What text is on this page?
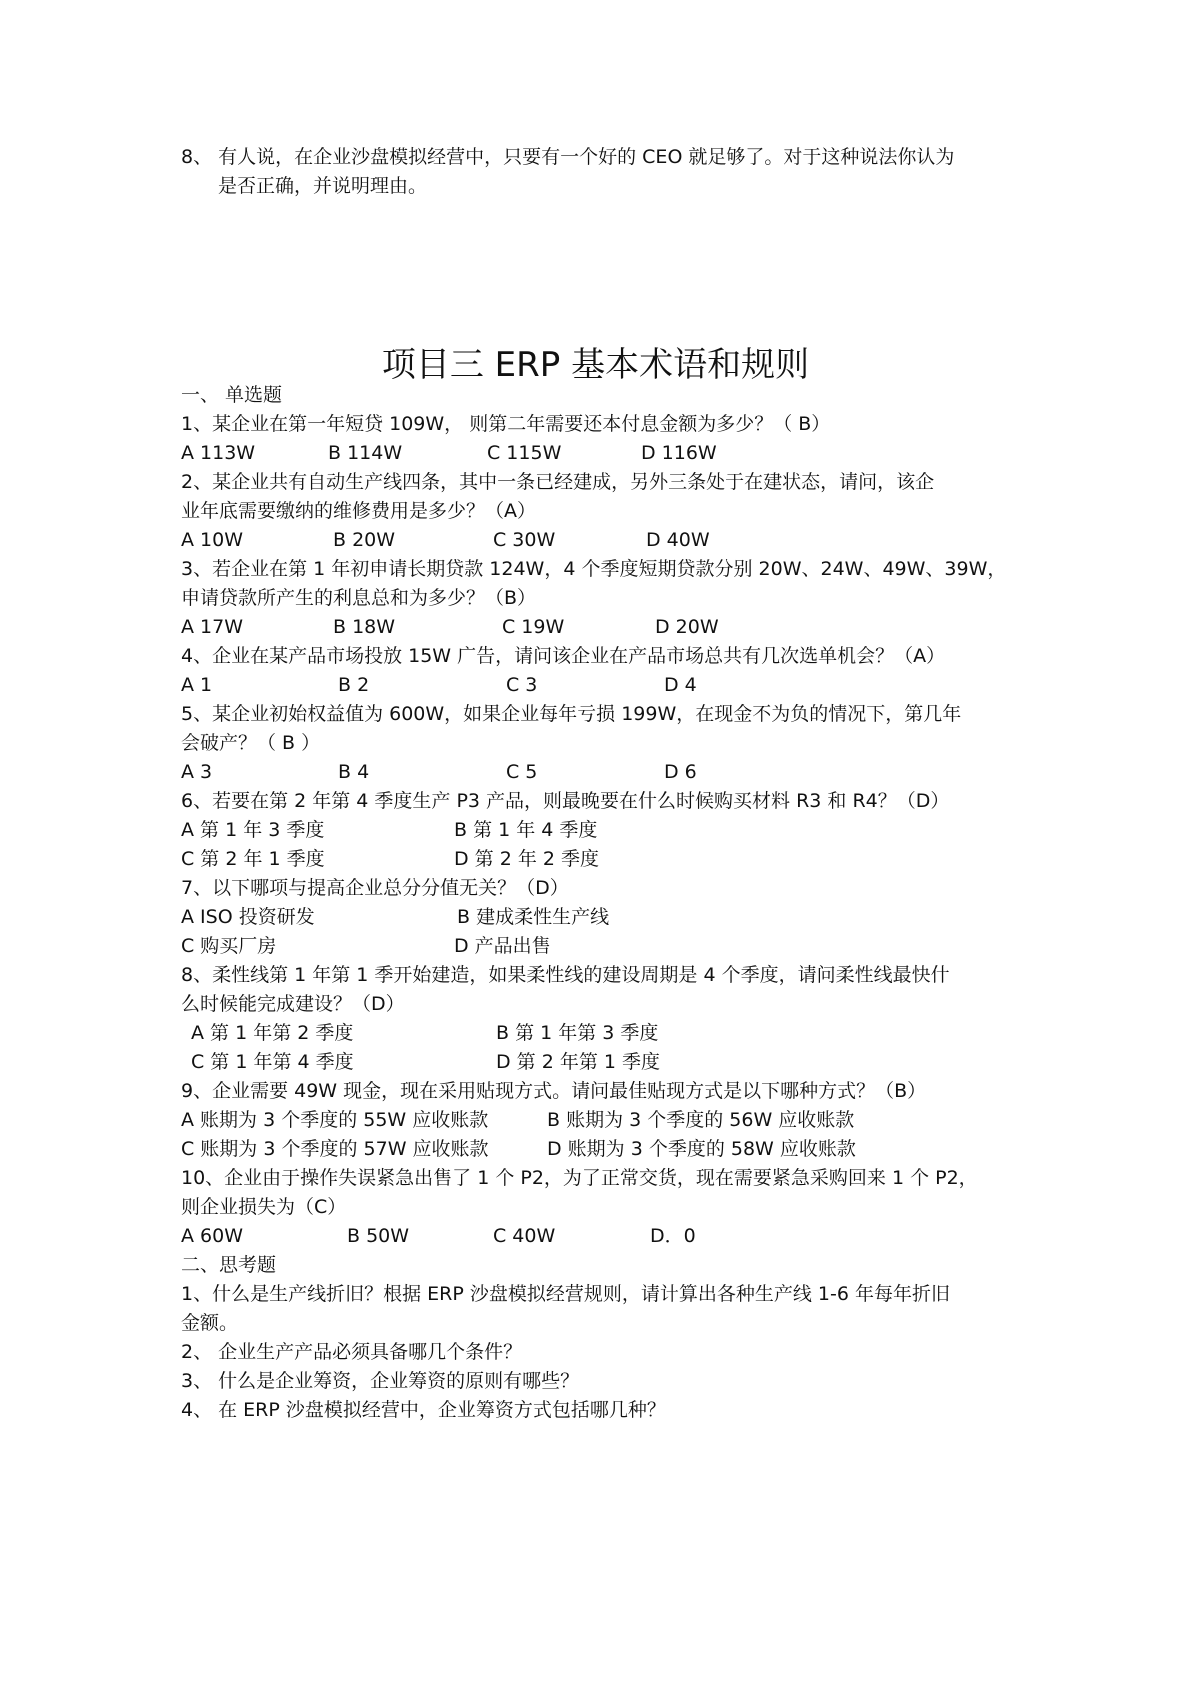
8、 有人说，在企业沙盘模拟经营中，只要有一个好的 CEO 就足够了。对于这种说法你认为
是否正确，并说明理由。
项目三 ERP 基本术语和规则
一、 单选题
1、某企业在第一年短贷 109W， 则第二年需要还本付息金额为多少？（ B）
A 113W	B 114W	C 115W	D 116W
2、某企业共有自动生产线四条，其中一条已经建成，另外三条处于在建状态，请问，该企
业年底需要缴纳的维修费用是多少？（A）
A 10W	B 20W	C 30W	D 40W
3、若企业在第 1 年初申请长期贷款 124W，4 个季度短期贷款分别 20W、24W、49W、39W，
申请贷款所产生的利息总和为多少？（B）
A 17W	B 18W	C 19W	D 20W
4、企业在某产品市场投放 15W 广告，请问该企业在产品市场总共有几次选单机会？（A）
A 1	B 2	C 3	D 4
5、某企业初始权益值为 600W，如果企业每年亏损 199W，在现金不为负的情况下，第几年
会破产？（ B ）
A 3	B 4	C 5	D 6
6、若要在第 2 年第 4 季度生产 P3 产品，则最晚要在什么时候购买材料 R3 和 R4？（D）
A 第 1 年 3 季度	B 第 1 年 4 季度
C 第 2 年 1 季度	D 第 2 年 2 季度
7、以下哪项与提高企业总分分值无关？（D）
A ISO 投资研发	B 建成柔性生产线
C 购买厂房	D 产品出售
8、柔性线第 1 年第 1 季开始建造，如果柔性线的建设周期是 4 个季度，请问柔性线最快什
么时候能完成建设？（D）
A 第 1 年第 2 季度	B 第 1 年第 3 季度
C 第 1 年第 4 季度	D 第 2 年第 1 季度
9、企业需要 49W 现金，现在采用贴现方式。请问最佳贴现方式是以下哪种方式？（B）
A 账期为 3 个季度的 55W 应收账款	B 账期为 3 个季度的 56W 应收账款
C 账期为 3 个季度的 57W 应收账款	D 账期为 3 个季度的 58W 应收账款
10、企业由于操作失误紧急出售了 1 个 P2，为了正常交货，现在需要紧急采购回来 1 个 P2，
则企业损失为（C）
A 60W	B 50W	C 40W	D．0
二、思考题
1、什么是生产线折旧？根据 ERP 沙盘模拟经营规则，请计算出各种生产线 1-6 年每年折旧
金额。
2、 企业生产产品必须具备哪几个条件？
3、 什么是企业筹资，企业筹资的原则有哪些？
4、 在 ERP 沙盘模拟经营中，企业筹资方式包括哪几种？
